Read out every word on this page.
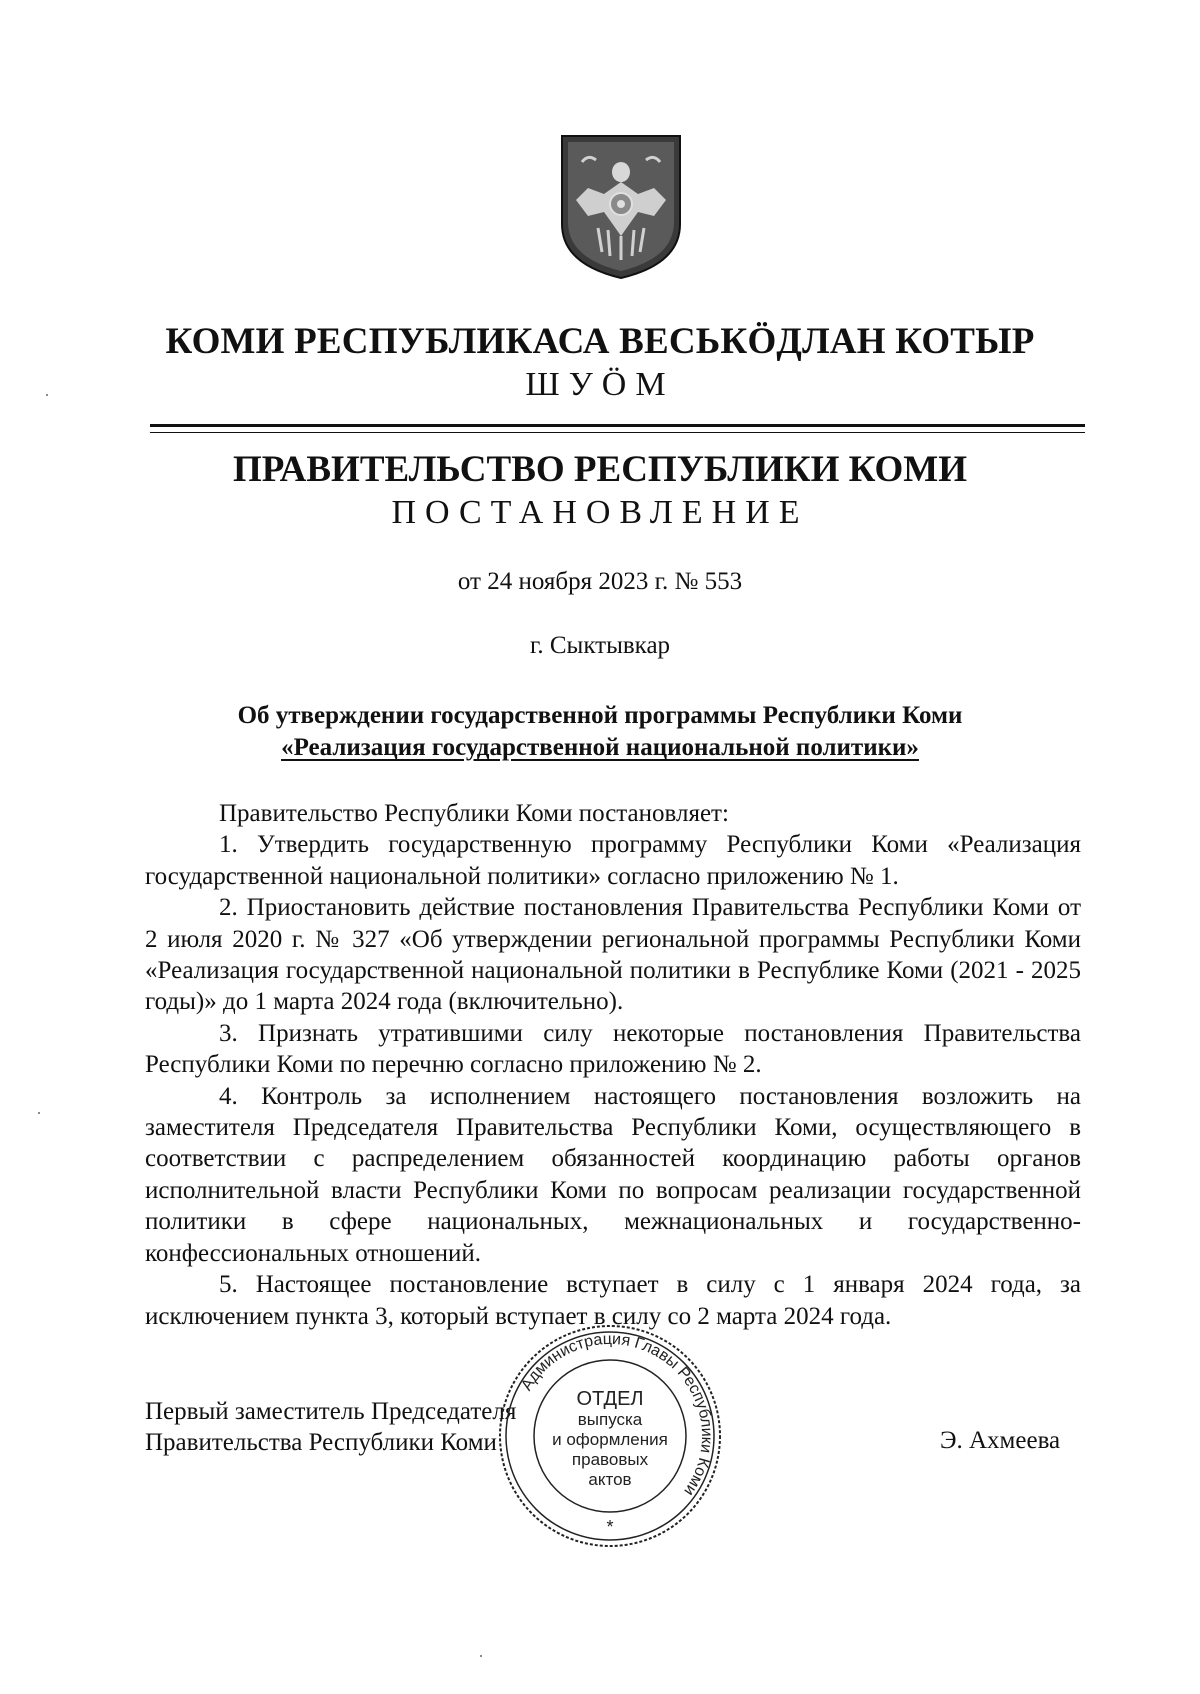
КОМИ РЕСПУБЛИКАСА ВЕСЬКӦДЛАН КОТЫР
ШУӦМ
ПРАВИТЕЛЬСТВО РЕСПУБЛИКИ КОМИ
ПОСТАНОВЛЕНИЕ
от 24 ноября 2023 г. № 553
г. Сыктывкар
Об утверждении государственной программы Республики Коми
«Реализация государственной национальной политики»

Правительство Республики Коми постановляет:

1. Утвердить государственную программу Республики Коми «Реализация государственной национальной политики» согласно приложению № 1.

2. Приостановить действие постановления Правительства Республики Коми от 2 июля 2020 г. № 327 «Об утверждении региональной программы Республики Коми «Реализация государственной национальной политики в Республике Коми (2021 - 2025 годы)» до 1 марта 2024 года (включительно).

3. Признать утратившими силу некоторые постановления Правительства Республики Коми по перечню согласно приложению № 2.

4. Контроль за исполнением настоящего постановления возложить на заместителя Председателя Правительства Республики Коми, осуществляющего в соответствии с распределением обязанностей координацию работы органов исполнительной власти Республики Коми по вопросам реализации государственной политики в сфере национальных, межнациональных и государственно-конфессиональных отношений.

5. Настоящее постановление вступает в силу с 1 января 2024 года, за исключением пункта 3, который вступает в силу со 2 марта 2024 года.

Первый заместитель Председателя
Правительства Республики Коми	Э. Ахмеева
Администрация Главы Республики Коми
ОТДЕЛ
выпуска
и оформления
правовых
актов
*
